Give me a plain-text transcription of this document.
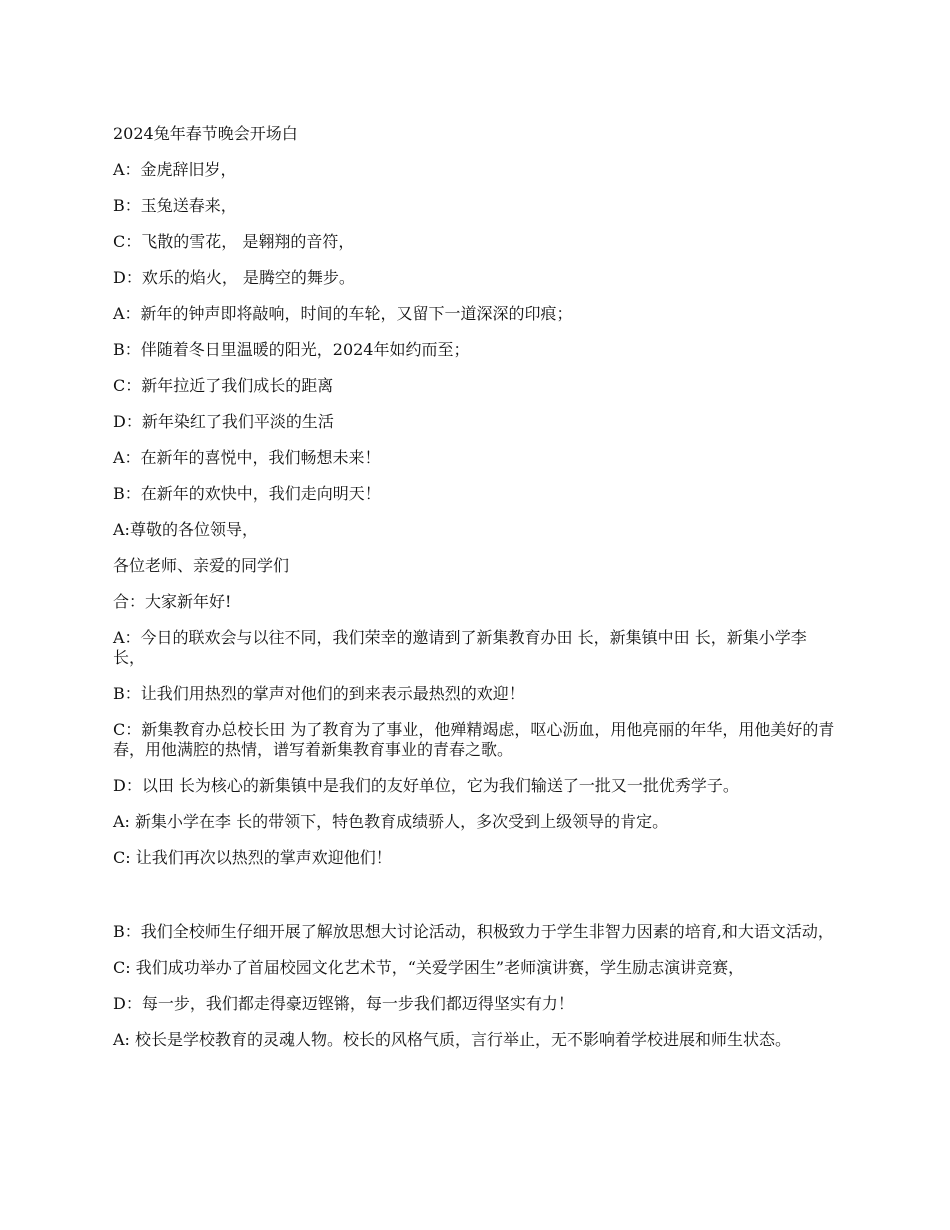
2024兔年春节晚会开场白

A：金虎辞旧岁，

B：玉兔送春来，

C：飞散的雪花， 是翱翔的音符，

D：欢乐的焰火， 是腾空的舞步。

A：新年的钟声即将敲响，时间的车轮，又留下一道深深的印痕；

B：伴随着冬日里温暖的阳光，2024年如约而至；

C：新年拉近了我们成长的距离

D：新年染红了我们平淡的生活

A：在新年的喜悦中，我们畅想未来！

B：在新年的欢快中，我们走向明天！

A:尊敬的各位领导，

各位老师、亲爱的同学们

合：大家新年好!

A：今日的联欢会与以往不同，我们荣幸的邀请到了新集教育办田 长，新集镇中田 长，新集小学李 长，

B：让我们用热烈的掌声对他们的到来表示最热烈的欢迎！

C：新集教育办总校长田 为了教育为了事业，他殚精竭虑，呕心沥血，用他亮丽的年华，用他美好的青春，用他满腔的热情，谱写着新集教育事业的青春之歌。

D：以田 长为核心的新集镇中是我们的友好单位，它为我们输送了一批又一批优秀学子。

A: 新集小学在李 长的带领下，特色教育成绩骄人，多次受到上级领导的肯定。

C: 让我们再次以热烈的掌声欢迎他们！

B：我们全校师生仔细开展了解放思想大讨论活动，积极致力于学生非智力因素的培育,和大语文活动，

C: 我们成功举办了首届校园文化艺术节，“关爱学困生”老师演讲赛，学生励志演讲竞赛，

D：每一步，我们都走得豪迈铿锵，每一步我们都迈得坚实有力！

A: 校长是学校教育的灵魂人物。校长的风格气质，言行举止，无不影响着学校进展和师生状态。
